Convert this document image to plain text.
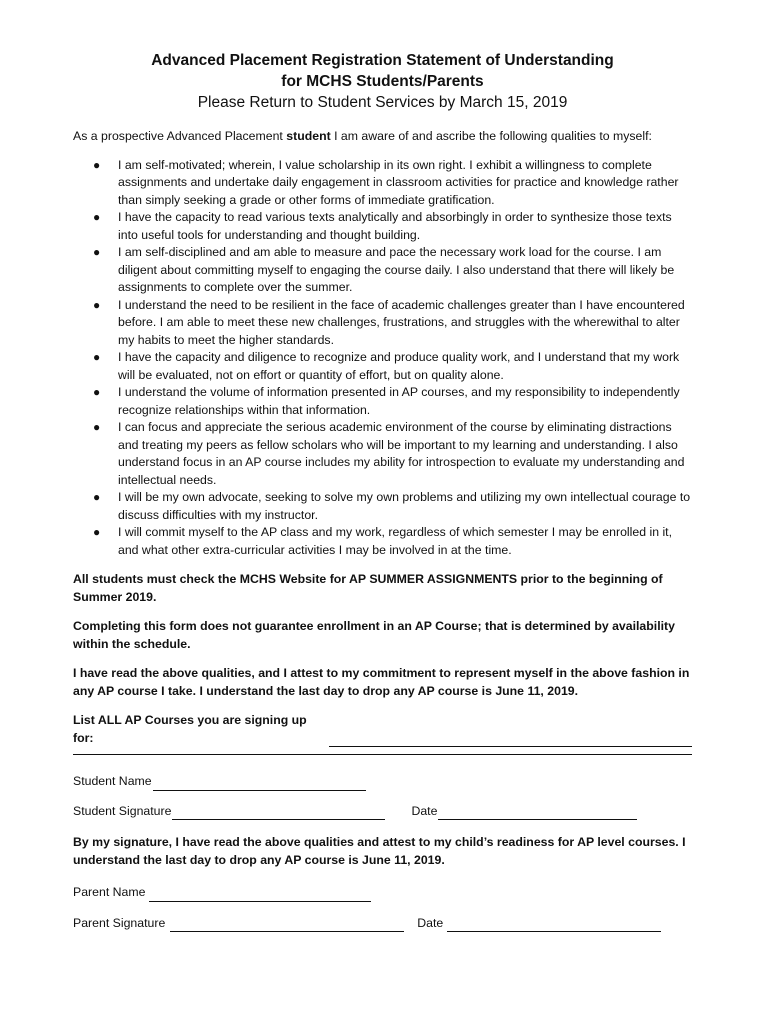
Advanced Placement Registration Statement of Understanding
for MCHS Students/Parents
Please Return to Student Services by March 15, 2019

As a prospective Advanced Placement student I am aware of and ascribe the following qualities to myself:

● I am self-motivated; wherein, I value scholarship in its own right. I exhibit a willingness to complete assignments and undertake daily engagement in classroom activities for practice and knowledge rather than simply seeking a grade or other forms of immediate gratification.
● I have the capacity to read various texts analytically and absorbingly in order to synthesize those texts into useful tools for understanding and thought building.
● I am self-disciplined and am able to measure and pace the necessary work load for the course. I am diligent about committing myself to engaging the course daily. I also understand that there will likely be assignments to complete over the summer.
● I understand the need to be resilient in the face of academic challenges greater than I have encountered before. I am able to meet these new challenges, frustrations, and struggles with the wherewithal to alter my habits to meet the higher standards.
● I have the capacity and diligence to recognize and produce quality work, and I understand that my work will be evaluated, not on effort or quantity of effort, but on quality alone.
● I understand the volume of information presented in AP courses, and my responsibility to independently recognize relationships within that information.
● I can focus and appreciate the serious academic environment of the course by eliminating distractions and treating my peers as fellow scholars who will be important to my learning and understanding. I also understand focus in an AP course includes my ability for introspection to evaluate my understanding and intellectual needs.
● I will be my own advocate, seeking to solve my own problems and utilizing my own intellectual courage to discuss difficulties with my instructor.
● I will commit myself to the AP class and my work, regardless of which semester I may be enrolled in it, and what other extra-curricular activities I may be involved in at the time.

All students must check the MCHS Website for AP SUMMER ASSIGNMENTS prior to the beginning of Summer 2019.

Completing this form does not guarantee enrollment in an AP Course; that is determined by availability within the schedule.

I have read the above qualities, and I attest to my commitment to represent myself in the above fashion in any AP course I take. I understand the last day to drop any AP course is June 11, 2019.

List ALL AP Courses you are signing up for:
Student Name
Student Signature	Date

By my signature, I have read the above qualities and attest to my child’s readiness for AP level courses. I understand the last day to drop any AP course is June 11, 2019.

Parent Name
Parent Signature	Date
